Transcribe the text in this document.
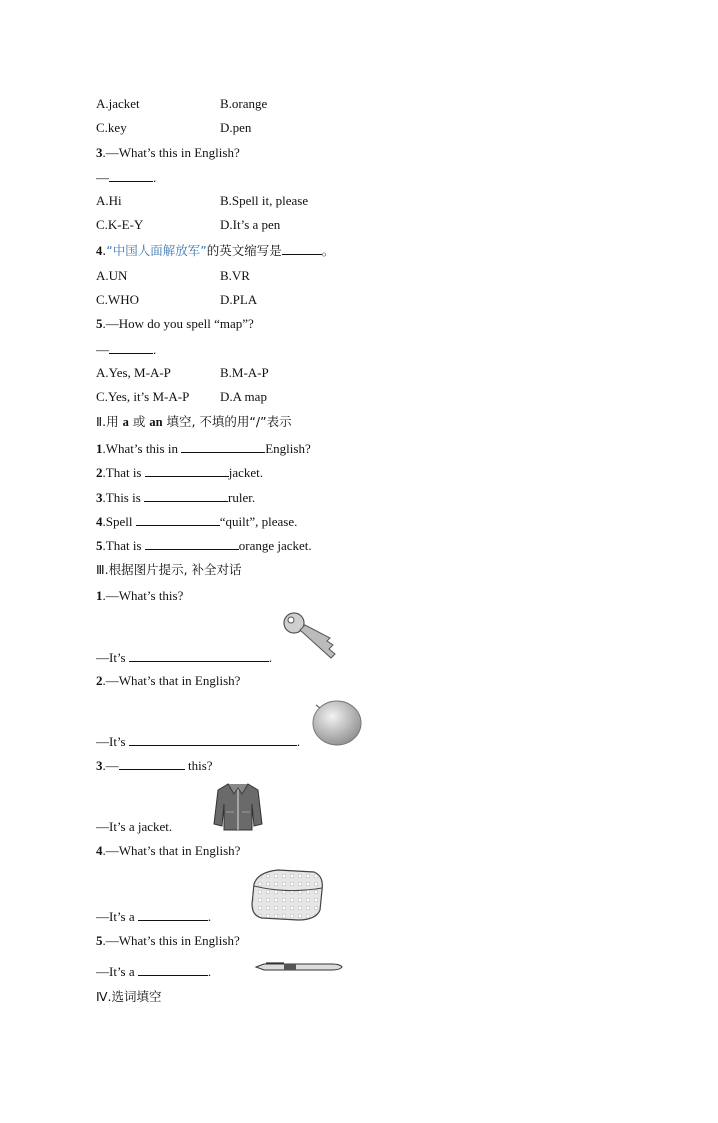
A.jacket	B.orange
C.key	D.pen
3.—What’s this in English?
—	.
A.Hi	B.Spell it, please
C.K-E-Y	D.It’s a pen
4.“中国人面解放军”的英文缩写是	。
A.UN	B.VR
C.WHO	D.PLA
5.—How do you spell “map”?
—	.
A.Yes, M-A-P	B.M-A-P
C.Yes, it’s M-A-P D.A map
Ⅱ.用 a 或 an 填空, 不填的用“/”表示
1.What’s this in	English?
2.That is	jacket.
3.This is	ruler.
4.Spell	“quilt”, please.
5.That is	orange jacket.
Ⅲ.根据图片提示, 补全对话
1.—What’s this?
—It’s	.
2.—What’s that in English?
—It’s	.
3.—	this?
—It’s a jacket.
4.—What’s that in English?
—It’s a	.
5.—What’s this in English?
—It’s a	.
Ⅳ.选词填空
